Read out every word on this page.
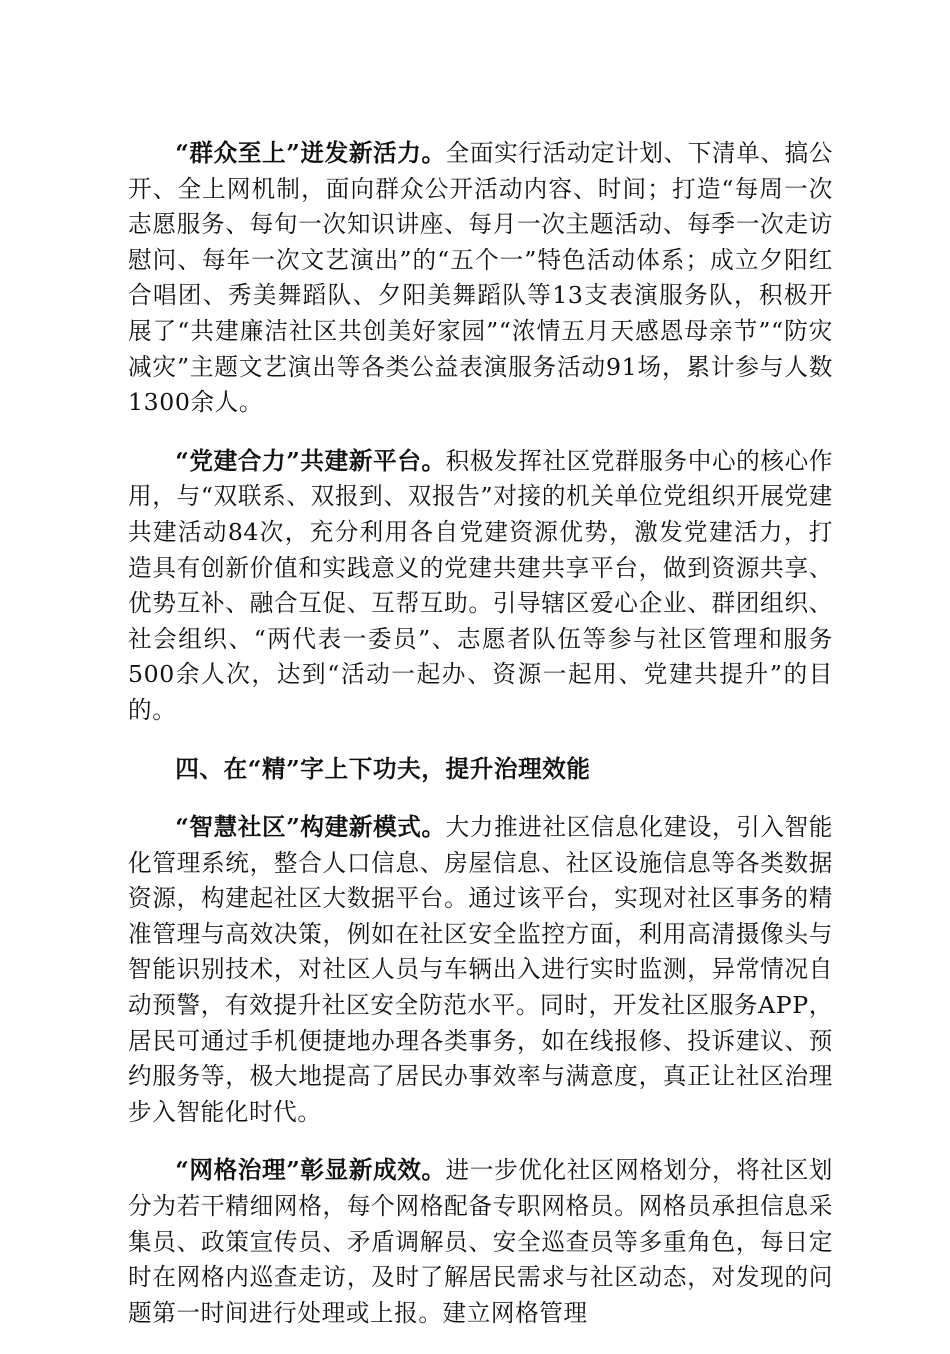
“群众至上”迸发新活力。全面实行活动定计划、下清单、搞公开、全上网机制，面向群众公开活动内容、时间；打造“每周一次志愿服务、每旬一次知识讲座、每月一次主题活动、每季一次走访慰问、每年一次文艺演出”的“五个一”特色活动体系；成立夕阳红合唱团、秀美舞蹈队、夕阳美舞蹈队等13支表演服务队，积极开展了“共建廉洁社区共创美好家园”“浓情五月天感恩母亲节”“防灾减灾”主题文艺演出等各类公益表演服务活动91场，累计参与人数1300余人。

“党建合力”共建新平台。积极发挥社区党群服务中心的核心作用，与“双联系、双报到、双报告”对接的机关单位党组织开展党建共建活动84次，充分利用各自党建资源优势，激发党建活力，打造具有创新价值和实践意义的党建共建共享平台，做到资源共享、优势互补、融合互促、互帮互助。引导辖区爱心企业、群团组织、社会组织、“两代表一委员”、志愿者队伍等参与社区管理和服务500余人次，达到“活动一起办、资源一起用、党建共提升”的目的。

四、在“精”字上下功夫，提升治理效能

“智慧社区”构建新模式。大力推进社区信息化建设，引入智能化管理系统，整合人口信息、房屋信息、社区设施信息等各类数据资源，构建起社区大数据平台。通过该平台，实现对社区事务的精准管理与高效决策，例如在社区安全监控方面，利用高清摄像头与智能识别技术，对社区人员与车辆出入进行实时监测，异常情况自动预警，有效提升社区安全防范水平。同时，开发社区服务APP，居民可通过手机便捷地办理各类事务，如在线报修、投诉建议、预约服务等，极大地提高了居民办事效率与满意度，真正让社区治理步入智能化时代。

“网格治理”彰显新成效。进一步优化社区网格划分，将社区划分为若干精细网格，每个网格配备专职网格员。网格员承担信息采集员、政策宣传员、矛盾调解员、安全巡查员等多重角色，每日定时在网格内巡查走访，及时了解居民需求与社区动态，对发现的问题第一时间进行处理或上报。建立网格管理
